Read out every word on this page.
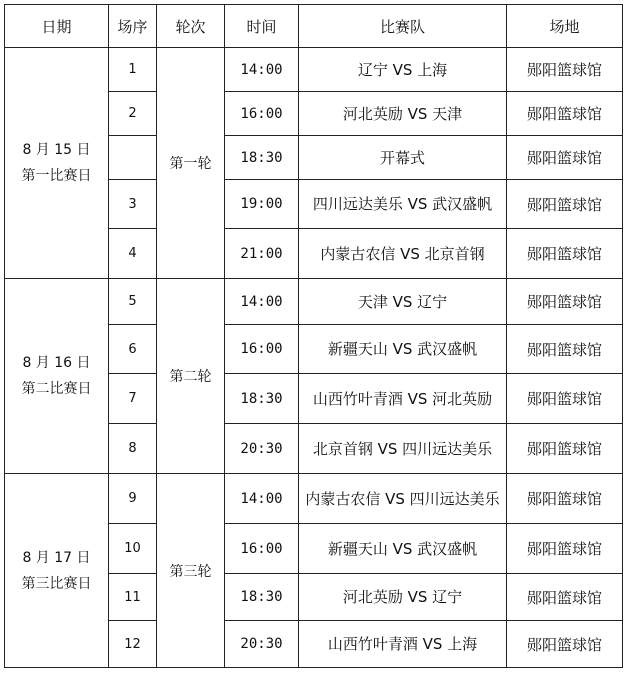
日期	场序	轮次	时间	比赛队	场地

8 月 15 日
第一比赛日	1	第一轮	14:00	辽宁 VS 上海	郧阳篮球馆
	2		16:00	河北英励 VS 天津	郧阳篮球馆
			18:30	开幕式	郧阳篮球馆
	3		19:00	四川远达美乐 VS 武汉盛帆	郧阳篮球馆
	4		21:00	内蒙古农信 VS 北京首钢	郧阳篮球馆

8 月 16 日
第二比赛日	5	第二轮	14:00	天津 VS 辽宁	郧阳篮球馆
	6		16:00	新疆天山 VS 武汉盛帆	郧阳篮球馆
	7		18:30	山西竹叶青酒 VS 河北英励	郧阳篮球馆
	8		20:30	北京首钢 VS 四川远达美乐	郧阳篮球馆

8 月 17 日
第三比赛日	9	第三轮	14:00	内蒙古农信 VS 四川远达美乐	郧阳篮球馆
	10		16:00	新疆天山 VS 武汉盛帆	郧阳篮球馆
	11		18:30	河北英励 VS 辽宁	郧阳篮球馆
	12		20:30	山西竹叶青酒 VS 上海	郧阳篮球馆
